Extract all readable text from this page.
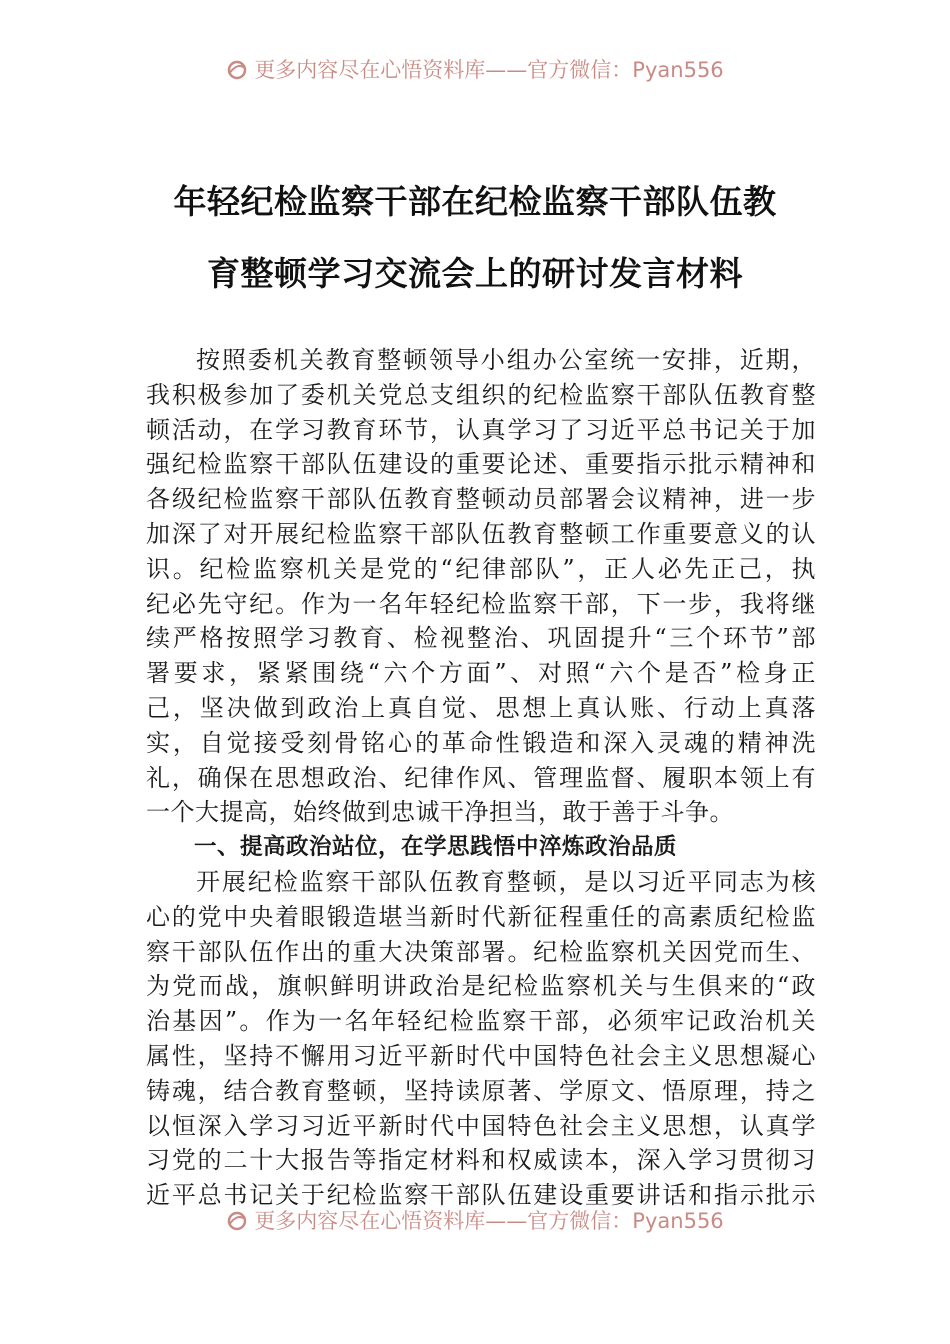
更多内容尽在心悟资料库——官方微信：Pyan556
年轻纪检监察干部在纪检监察干部队伍教
育整顿学习交流会上的研讨发言材料
按照委机关教育整顿领导小组办公室统一安排，近期，
我积极参加了委机关党总支组织的纪检监察干部队伍教育整
顿活动，在学习教育环节，认真学习了习近平总书记关于加
强纪检监察干部队伍建设的重要论述、重要指示批示精神和
各级纪检监察干部队伍教育整顿动员部署会议精神，进一步
加深了对开展纪检监察干部队伍教育整顿工作重要意义的认
识。纪检监察机关是党的“纪律部队”，正人必先正己，执
纪必先守纪。作为一名年轻纪检监察干部，下一步，我将继
续严格按照学习教育、检视整治、巩固提升“三个环节”部
署要求，紧紧围绕“六个方面”、对照“六个是否”检身正
己，坚决做到政治上真自觉、思想上真认账、行动上真落
实，自觉接受刻骨铭心的革命性锻造和深入灵魂的精神洗
礼，确保在思想政治、纪律作风、管理监督、履职本领上有
一个大提高，始终做到忠诚干净担当，敢于善于斗争。
一、提高政治站位，在学思践悟中淬炼政治品质
开展纪检监察干部队伍教育整顿，是以习近平同志为核
心的党中央着眼锻造堪当新时代新征程重任的高素质纪检监
察干部队伍作出的重大决策部署。纪检监察机关因党而生、
为党而战，旗帜鲜明讲政治是纪检监察机关与生俱来的“政
治基因”。作为一名年轻纪检监察干部，必须牢记政治机关
属性，坚持不懈用习近平新时代中国特色社会主义思想凝心
铸魂，结合教育整顿，坚持读原著、学原文、悟原理，持之
以恒深入学习习近平新时代中国特色社会主义思想，认真学
习党的二十大报告等指定材料和权威读本，深入学习贯彻习
近平总书记关于纪检监察干部队伍建设重要讲话和指示批示
更多内容尽在心悟资料库——官方微信：Pyan556
